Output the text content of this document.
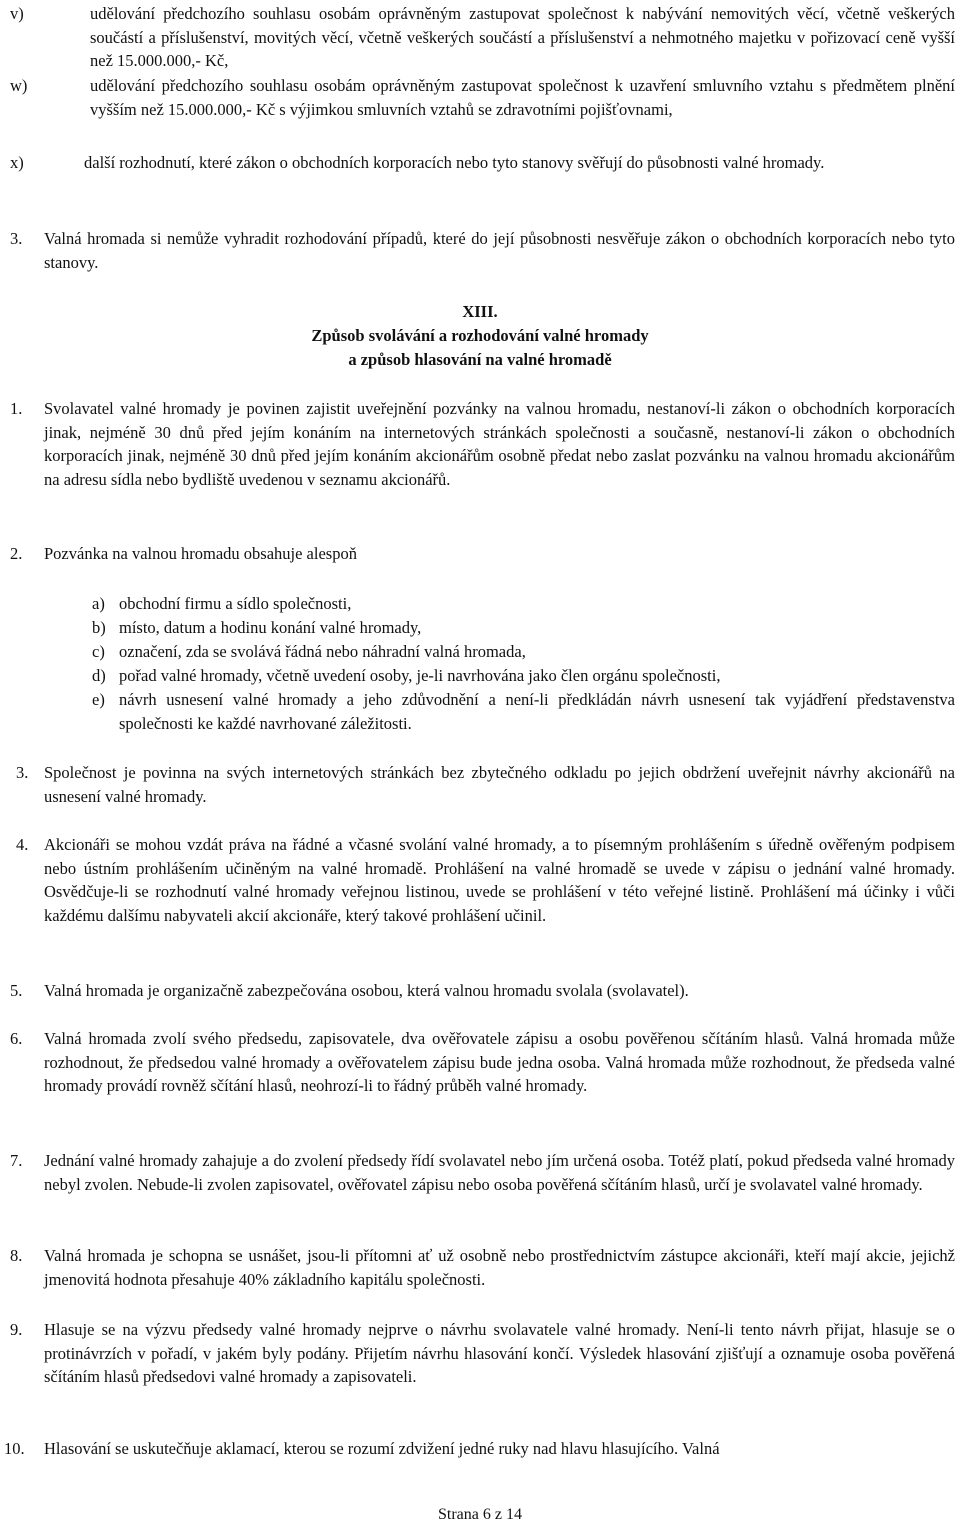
v)	udělování předchozího souhlasu osobám oprávněným zastupovat společnost k nabývání nemovitých věcí, včetně veškerých součástí a příslušenství, movitých věcí, včetně veškerých součástí a příslušenství a nehmotného majetku v pořizovací ceně vyšší než 15.000.000,- Kč,
w)	udělování předchozího souhlasu osobám oprávněným zastupovat společnost k uzavření smluvního vztahu s předmětem plnění vyšším než 15.000.000,- Kč s výjimkou smluvních vztahů se zdravotními pojišťovnami,
x)	další rozhodnutí, které zákon o obchodních korporacích nebo tyto stanovy svěřují do působnosti valné hromady.
3. Valná hromada si nemůže vyhradit rozhodování případů, které do její působnosti nesvěřuje zákon o obchodních korporacích nebo tyto stanovy.
XIII.
Způsob svolávání a rozhodování valné hromady
a způsob hlasování na valné hromadě
1. Svolavatel valné hromady je povinen zajistit uveřejnění pozvánky na valnou hromadu, nestanoví-li zákon o obchodních korporacích jinak, nejméně 30 dnů před jejím konáním na internetových stránkách společnosti a současně, nestanoví-li zákon o obchodních korporacích jinak, nejméně 30 dnů před jejím konáním akcionářům osobně předat nebo zaslat pozvánku na valnou hromadu akcionářům na adresu sídla nebo bydliště uvedenou v seznamu akcionářů.
2. Pozvánka na valnou hromadu obsahuje alespoň
a) obchodní firmu a sídlo společnosti,
b) místo, datum a hodinu konání valné hromady,
c) označení, zda se svolává řádná nebo náhradní valná hromada,
d) pořad valné hromady, včetně uvedení osoby, je-li navrhována jako člen orgánu společnosti,
e) návrh usnesení valné hromady a jeho zdůvodnění a není-li předkládán návrh usnesení tak vyjádření představenstva společnosti ke každé navrhované záležitosti.
3. Společnost je povinna na svých internetových stránkách bez zbytečného odkladu po jejich obdržení uveřejnit návrhy akcionářů na usnesení valné hromady.
4. Akcionáři se mohou vzdát práva na řádné a včasné svolání valné hromady, a to písemným prohlášením s úředně ověřeným podpisem nebo ústním prohlášením učiněným na valné hromadě. Prohlášení na valné hromadě se uvede v zápisu o jednání valné hromady. Osvědčuje-li se rozhodnutí valné hromady veřejnou listinou, uvede se prohlášení v této veřejné listině. Prohlášení má účinky i vůči každému dalšímu nabyvateli akcií akcionáře, který takové prohlášení učinil.
5. Valná hromada je organizačně zabezpečována osobou, která valnou hromadu svolala (svolavatel).
6. Valná hromada zvolí svého předsedu, zapisovatele, dva ověřovatele zápisu a osobu pověřenou sčítáním hlasů. Valná hromada může rozhodnout, že předsedou valné hromady a ověřovatelem zápisu bude jedna osoba. Valná hromada může rozhodnout, že předseda valné hromady provádí rovněž sčítání hlasů, neohrozí-li to řádný průběh valné hromady.
7. Jednání valné hromady zahajuje a do zvolení předsedy řídí svolavatel nebo jím určená osoba. Totéž platí, pokud předseda valné hromady nebyl zvolen. Nebude-li zvolen zapisovatel, ověřovatel zápisu nebo osoba pověřená sčítáním hlasů, určí je svolavatel valné hromady.
8. Valná hromada je schopna se usnášet, jsou-li přítomni ať už osobně nebo prostřednictvím zástupce akcionáři, kteří mají akcie, jejichž jmenovitá hodnota přesahuje 40% základního kapitálu společnosti.
9. Hlasuje se na výzvu předsedy valné hromady nejprve o návrhu svolavatele valné hromady. Není-li tento návrh přijat, hlasuje se o protinávrzích v pořadí, v jakém byly podány. Přijetím návrhu hlasování končí. Výsledek hlasování zjišťují a oznamuje osoba pověřená sčítáním hlasů předsedovi valné hromady a zapisovateli.
10. Hlasování se uskutečňuje aklamací, kterou se rozumí zdvižení jedné ruky nad hlavu hlasujícího. Valná
Strana 6 z 14
